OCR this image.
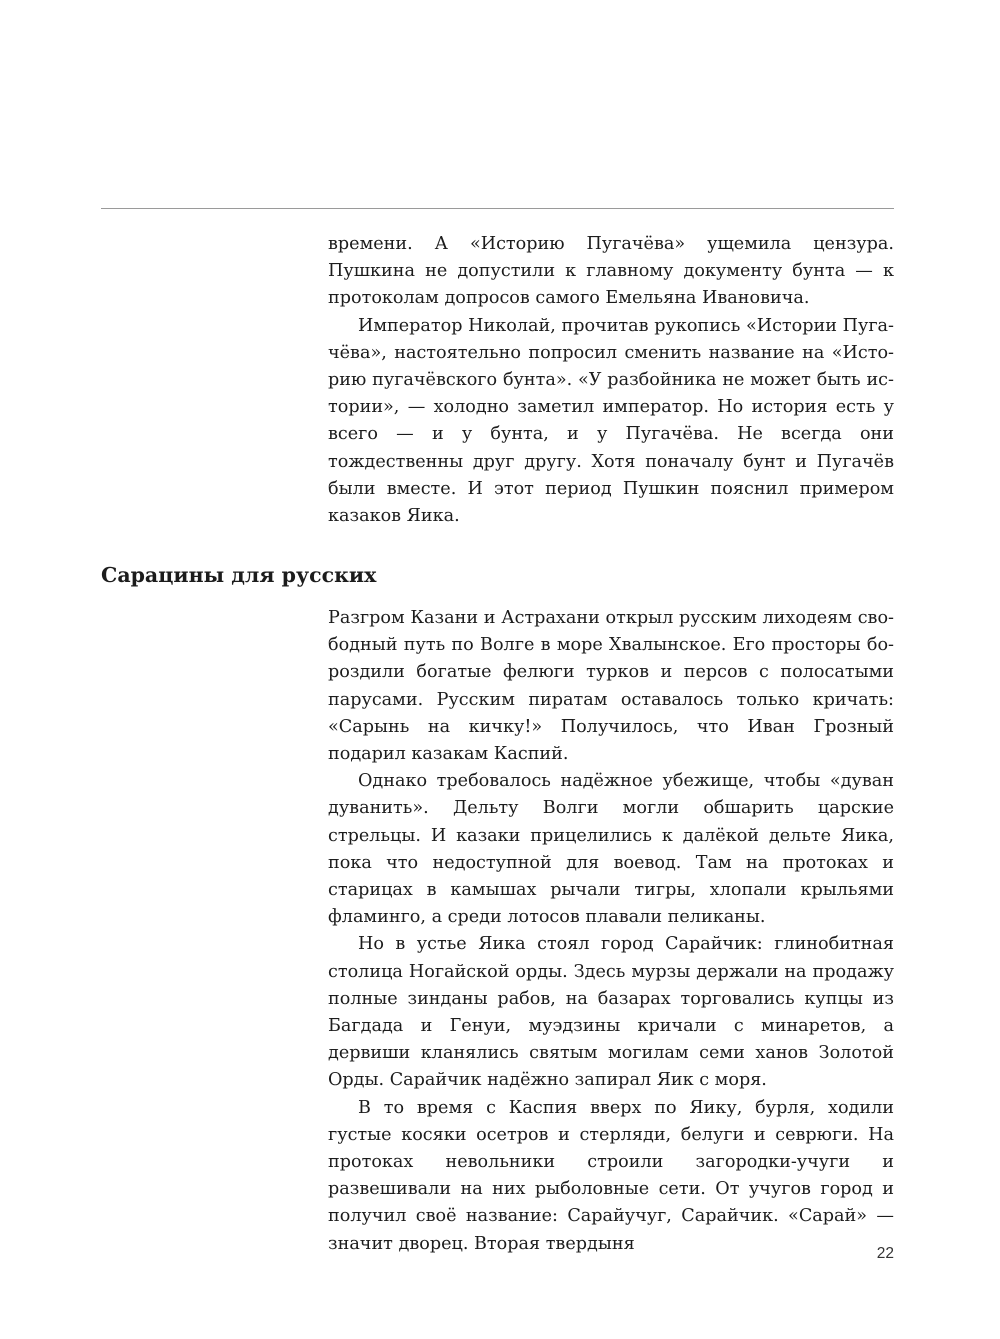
времени. А «Историю Пугачёва» ущемила цензура. Пушкина не допустили к главному документу бунта — к протоколам допросов самого Емельяна Ивановича.

Император Николай, прочитав рукопись «Истории Пугачёва», настоятельно попросил сменить название на «Историю пугачёвского бунта». «У разбойника не может быть истории», — холодно заметил император. Но история есть у всего — и у бунта, и у Пугачёва. Не всегда они тождественны друг другу. Хотя поначалу бунт и Пугачёв были вместе. И этот период Пушкин пояснил примером казаков Яика.

Сарацины для русских

Разгром Казани и Астрахани открыл русским лиходеям свободный путь по Волге в море Хвалынское. Его просторы бороздили богатые фелюги турков и персов с полосатыми парусами. Русским пиратам оставалось только кричать: «Сарынь на кичку!» Получилось, что Иван Грозный подарил казакам Каспий.

Однако требовалось надёжное убежище, чтобы «дуван дуванить». Дельту Волги могли обшарить царские стрельцы. И казаки прицелились к далёкой дельте Яика, пока что недоступной для воевод. Там на протоках и старицах в камышах рычали тигры, хлопали крыльями фламинго, а среди лотосов плавали пеликаны.

Но в устье Яика стоял город Сарайчик: глинобитная столица Ногайской орды. Здесь мурзы держали на продажу полные зинданы рабов, на базарах торговались купцы из Багдада и Генуи, муэдзины кричали с минаретов, а дервиши кланялись святым могилам семи ханов Золотой Орды. Сарайчик надёжно запирал Яик с моря.

В то время с Каспия вверх по Яику, бурля, ходили густые косяки осетров и стерляди, белуги и севрюги. На протоках невольники строили загородки-учуги и развешивали на них рыболовные сети. От учугов город и получил своё название: Сарайучуг, Сарайчик. «Сарай» — значит дворец. Вторая твердыня	22
